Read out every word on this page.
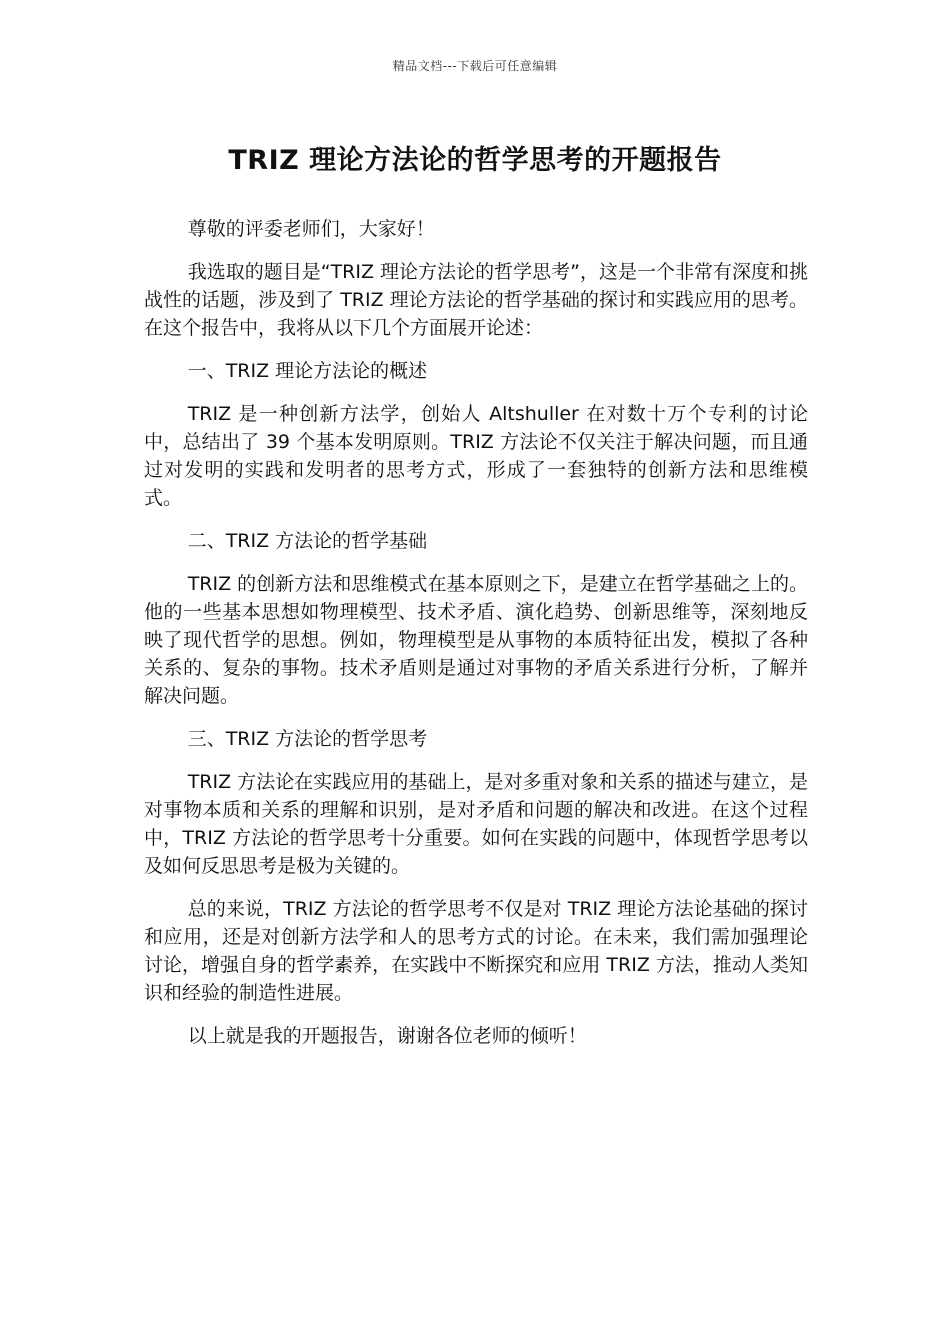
精品文档---下载后可任意编辑
TRIZ 理论方法论的哲学思考的开题报告

尊敬的评委老师们，大家好！

我选取的题目是“TRIZ 理论方法论的哲学思考”，这是一个非常有深度和挑战性的话题，涉及到了 TRIZ 理论方法论的哲学基础的探讨和实践应用的思考。在这个报告中，我将从以下几个方面展开论述：

一、TRIZ 理论方法论的概述

TRIZ 是一种创新方法学，创始人 Altshuller 在对数十万个专利的讨论中，总结出了 39 个基本发明原则。TRIZ 方法论不仅关注于解决问题，而且通过对发明的实践和发明者的思考方式，形成了一套独特的创新方法和思维模式。

二、TRIZ 方法论的哲学基础

TRIZ 的创新方法和思维模式在基本原则之下，是建立在哲学基础之上的。他的一些基本思想如物理模型、技术矛盾、演化趋势、创新思维等，深刻地反映了现代哲学的思想。例如，物理模型是从事物的本质特征出发，模拟了各种关系的、复杂的事物。技术矛盾则是通过对事物的矛盾关系进行分析，了解并解决问题。

三、TRIZ 方法论的哲学思考

TRIZ 方法论在实践应用的基础上，是对多重对象和关系的描述与建立，是对事物本质和关系的理解和识别，是对矛盾和问题的解决和改进。在这个过程中，TRIZ 方法论的哲学思考十分重要。如何在实践的问题中，体现哲学思考以及如何反思思考是极为关键的。

总的来说，TRIZ 方法论的哲学思考不仅是对 TRIZ 理论方法论基础的探讨和应用，还是对创新方法学和人的思考方式的讨论。在未来，我们需加强理论讨论，增强自身的哲学素养，在实践中不断探究和应用 TRIZ 方法，推动人类知识和经验的制造性进展。

以上就是我的开题报告，谢谢各位老师的倾听！
